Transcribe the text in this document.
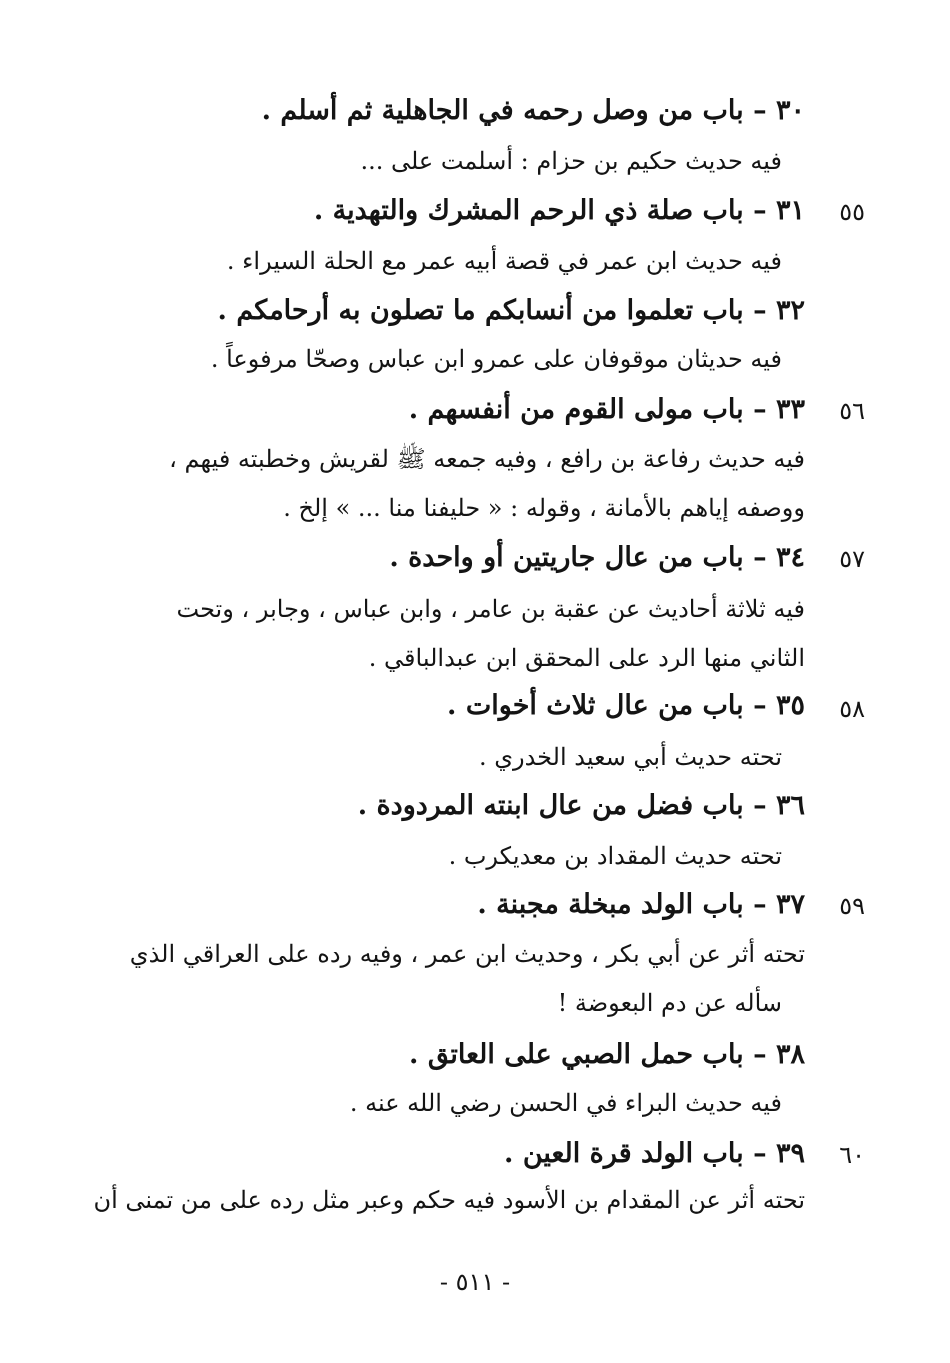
٣٠ – باب من وصل رحمه في الجاهلية ثم أسلم .
فيه حديث حكيم بن حزام : أسلمت على ...
٥٥
٣١ – باب صلة ذي الرحم المشرك والتهدية .
فيه حديث ابن عمر في قصة أبيه عمر مع الحلة السيراء .
٣٢ – باب تعلموا من أنسابكم ما تصلون به أرحامكم .
فيه حديثان موقوفان على عمرو ابن عباس وصحّا مرفوعاً .
٥٦
٣٣ – باب مولى القوم من أنفسهم .
فيه حديث رفاعة بن رافع ، وفيه جمعه ﷺ لقريش وخطبته فيهم ،
ووصفه إياهم بالأمانة ، وقوله : « حليفنا منا ... » إلخ .
٥٧
٣٤ – باب من عال جاريتين أو واحدة .
فيه ثلاثة أحاديث عن عقبة بن عامر ، وابن عباس ، وجابر ، وتحت
الثاني منها الرد على المحقق ابن عبدالباقي .
٥٨
٣٥ – باب من عال ثلاث أخوات .
تحته حديث أبي سعيد الخدري .
٣٦ – باب فضل من عال ابنته المردودة .
تحته حديث المقداد بن معديكرب .
٥٩
٣٧ – باب الولد مبخلة مجبنة .
تحته أثر عن أبي بكر ، وحديث ابن عمر ، وفيه رده على العراقي الذي
سأله عن دم البعوضة !
٣٨ – باب حمل الصبي على العاتق .
فيه حديث البراء في الحسن رضي الله عنه .
٦٠
٣٩ – باب الولد قرة العين .
تحته أثر عن المقدام بن الأسود فيه حكم وعبر مثل رده على من تمنى أن
- ٥١١ -
